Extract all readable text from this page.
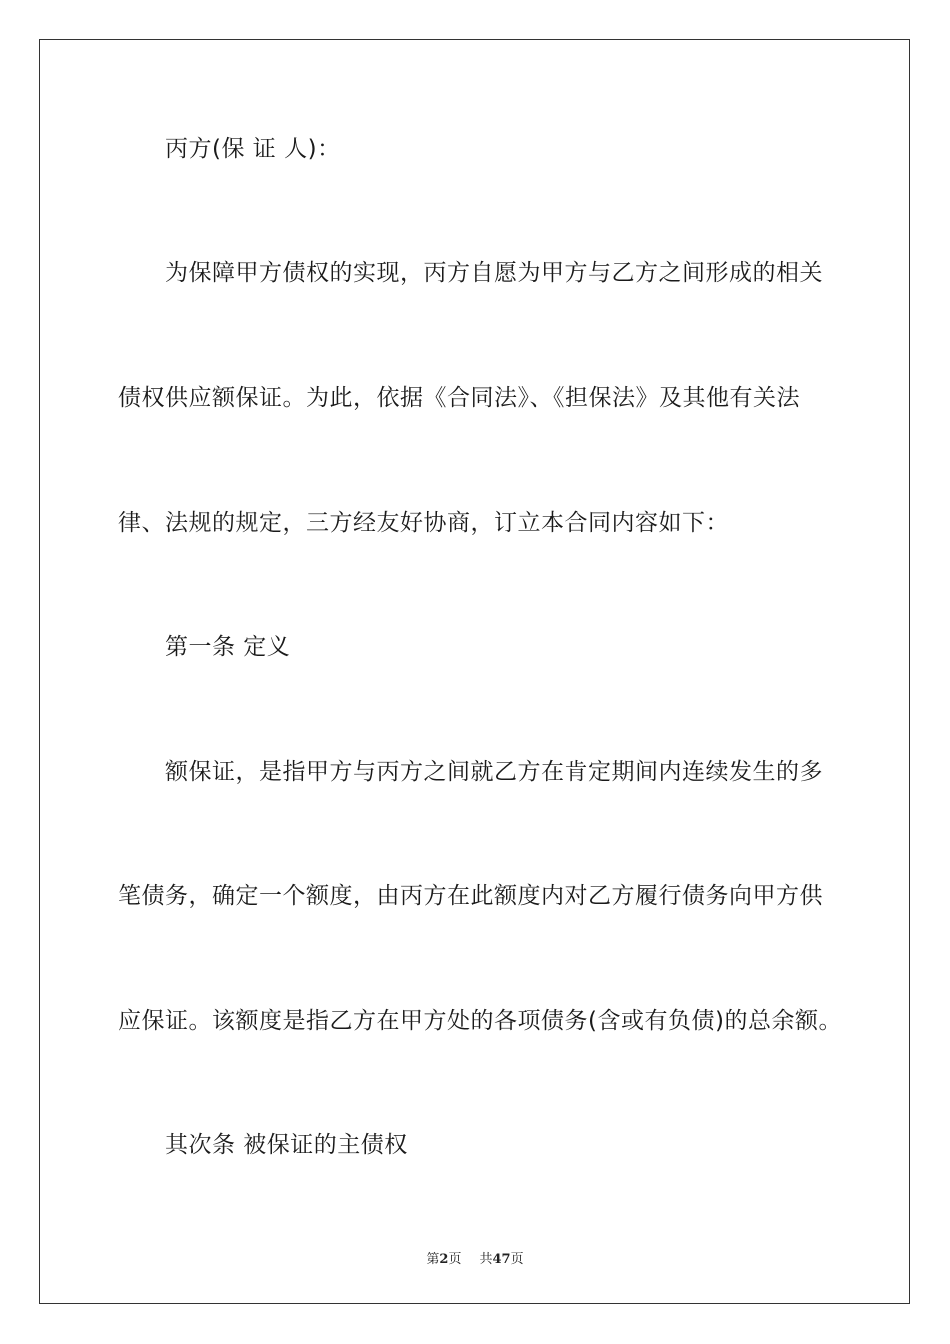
丙方(保 证 人)：
为保障甲方债权的实现，丙方自愿为甲方与乙方之间形成的相关
债权供应额保证。为此，依据《合同法》、《担保法》及其他有关法
律、法规的规定，三方经友好协商，订立本合同内容如下：
第一条 定义
额保证，是指甲方与丙方之间就乙方在肯定期间内连续发生的多
笔债务，确定一个额度，由丙方在此额度内对乙方履行债务向甲方供
应保证。该额度是指乙方在甲方处的各项债务(含或有负债)的总余额。
其次条 被保证的主债权
第2页 共47页
